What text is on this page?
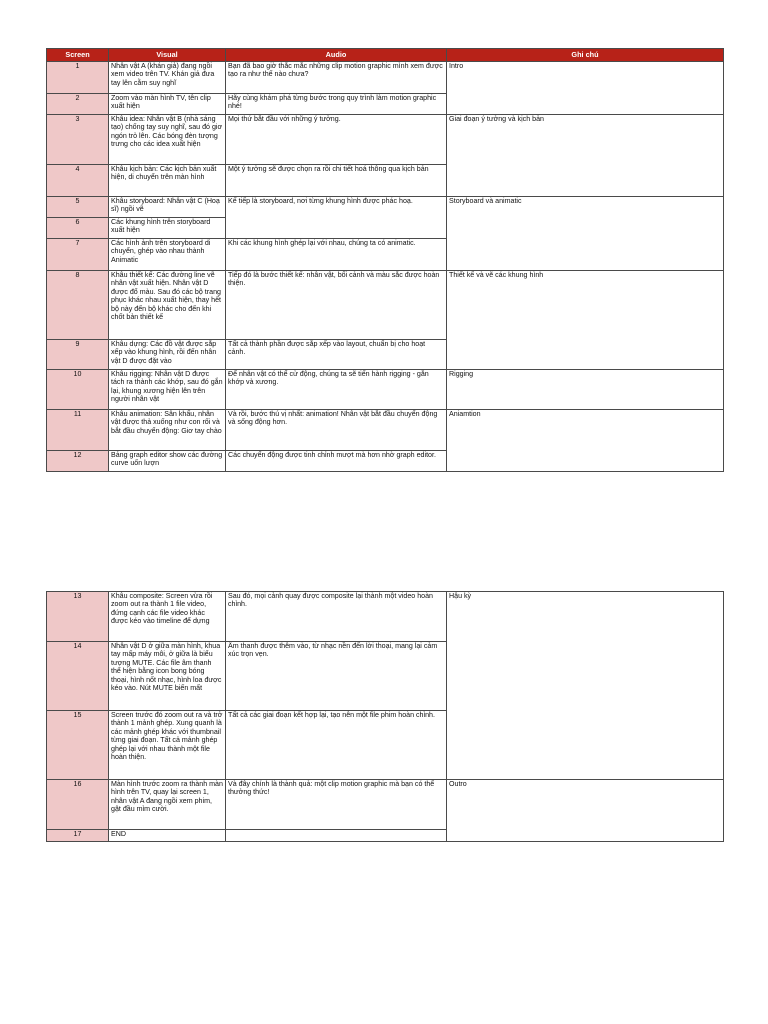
Screen	Visual	Audio	Ghi chú
1	Nhân vật A (khán giả) đang ngồi xem video trên TV. Khán giả đưa tay lên cằm suy nghĩ	Bạn đã bao giờ thắc mắc những clip motion graphic mình xem được tạo ra như thế nào chưa?	Intro
2	Zoom vào màn hình TV, tên clip xuất hiện	Hãy cùng khám phá từng bước trong quy trình làm motion graphic nhé!	
3	Khâu idea: Nhân vật B (nhà sáng tạo) chống tay suy nghĩ, sau đó giơ ngón trỏ lên. Các bóng đèn tượng trưng cho các idea xuất hiện	Mọi thứ bắt đầu với những ý tưởng.	Giai đoạn ý tưởng và kịch bản
4	Khâu kịch bản: Các kịch bản xuất hiện, di chuyển trên màn hình	Một ý tưởng sẽ được chọn ra rồi chi tiết hoá thông qua kịch bản	
5	Khâu storyboard: Nhân vật C (Hoạ sĩ) ngồi vẽ	Kế tiếp là storyboard, nơi từng khung hình được phác hoạ.	Storyboard và animatic
6	Các khung hình trên storyboard xuất hiện		
7	Các hình ảnh trên storyboard di chuyển, ghép vào nhau thành Animatic	Khi các khung hình ghép lại với nhau, chúng ta có animatic.	
8	Khâu thiết kế: Các đường line vẽ nhân vật xuất hiện. Nhân vật D được đổ màu. Sau đó các bộ trang phục khác nhau xuất hiện, thay hết bộ này đến bộ khác cho đến khi chốt bản thiết kế	Tiếp đó là bước thiết kế: nhân vật, bối cảnh và màu sắc được hoàn thiện.	Thiết kế và vẽ các khung hình
9	Khâu dựng: Các đồ vật được sắp xếp vào khung hình, rồi đến nhân vật D được đặt vào	Tất cả thành phần được sắp xếp vào layout, chuẩn bị cho hoạt cảnh.	
10	Khâu rigging: Nhân vật D được tách ra thành các khớp, sau đó gắn lại, khung xương hiện lên trên người nhân vật	Để nhân vật có thể cử động, chúng ta sẽ tiến hành rigging - gắn khớp và xương.	Rigging
11	Khâu animation: Sân khấu, nhân vật được thả xuống như con rối và bắt đầu chuyển động: Giơ tay chào	Và rồi, bước thú vị nhất: animation! Nhân vật bắt đầu chuyển động và sống động hơn.	Aniamtion
12	Bảng graph editor show các đường curve uốn lượn	Các chuyển động được tinh chỉnh mượt mà hơn nhờ graph editor.	
13	Khâu composite: Screen vừa rồi zoom out ra thành 1 file video, đứng cạnh các file video khác được kéo vào timeline để dựng	Sau đó, mọi cảnh quay được composite lại thành một video hoàn chỉnh.	Hậu kỳ
14	Nhân vật D ở giữa màn hình, khua tay mấp máy môi, ở giữa là biểu tượng MUTE. Các file âm thanh thể hiện bằng icon bong bóng thoại, hình nốt nhạc, hình loa được kéo vào. Nút MUTE biến mất	Âm thanh được thêm vào, từ nhạc nền đến lời thoại, mang lại cảm xúc trọn vẹn.	
15	Screen trước đó zoom out ra và trở thành 1 mảnh ghép. Xung quanh là các mảnh ghép khác với thumbnail từng giai đoạn. Tất cả mảnh ghép ghép lại với nhau thành một file hoàn thiện.	Tất cả các giai đoạn kết hợp lại, tạo nên một file phim hoàn chỉnh.	
16	Màn hình trước zoom ra thành màn hình trên TV, quay lại screen 1, nhân vật A đang ngồi xem phim, gật đầu mỉm cười.	Và đây chính là thành quả: một clip motion graphic mà bạn có thể thưởng thức!	Outro
17	END		
